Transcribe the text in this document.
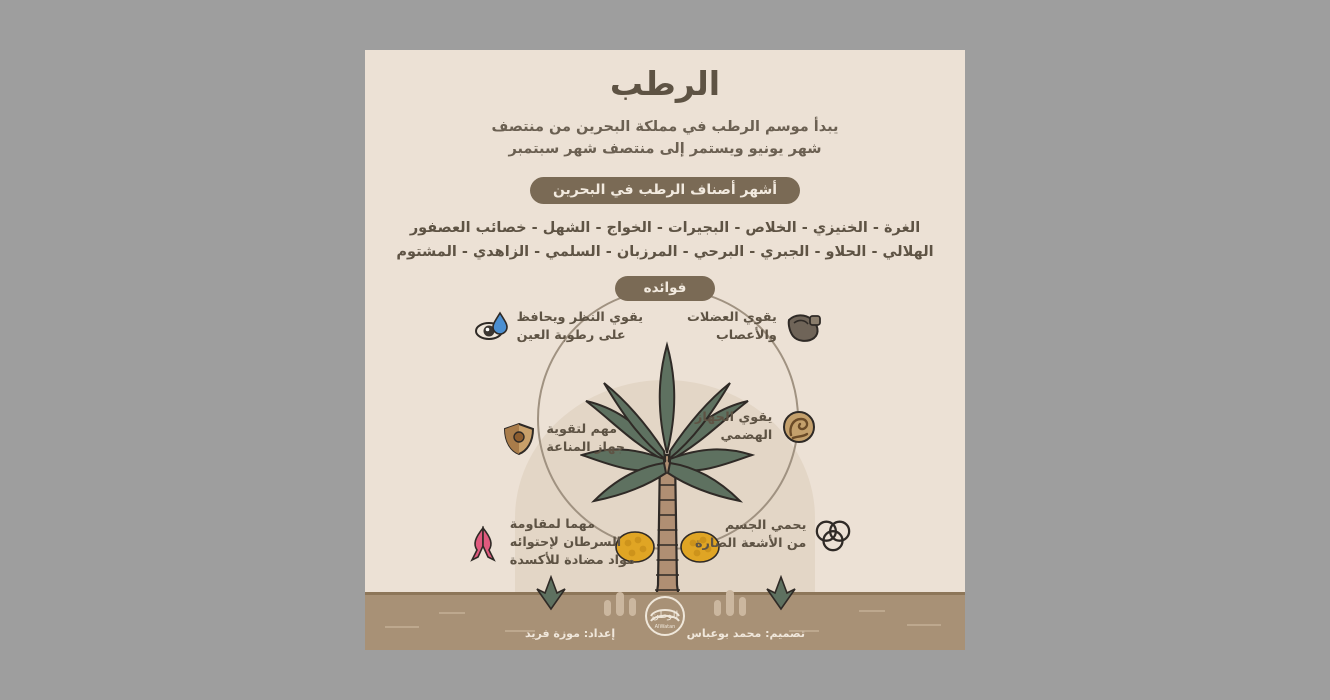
الرطب
يبدأ موسم الرطب في مملكة البحرين من منتصف
شهر يونيو ويستمر إلى منتصف شهر سبتمبر
أشهر أصناف الرطب في البحرين
الغرة - الخنيزي - الخلاص - البجيرات - الخواج - الشهل - خصائب العصفور
الهلالي - الحلاو - الجبري - البرحي - المرزبان - السلمي - الزاهدي - المشتوم
فوائده
يقوي النظر ويحافظ
على رطوبة العين
مهم لتقوية
جهاز المناعة
مهما لمقاومة
السرطان لإحتوائه
مواد مضادة للأكسدة
يقوي العضلات
والأعصاب
يقوي الجهاز
الهضمي
يحمي الجسم
من الأشعة الضارة
الوطن
AlWatan تصميم: محمد بوعباس
إعداد: موزة فريد
